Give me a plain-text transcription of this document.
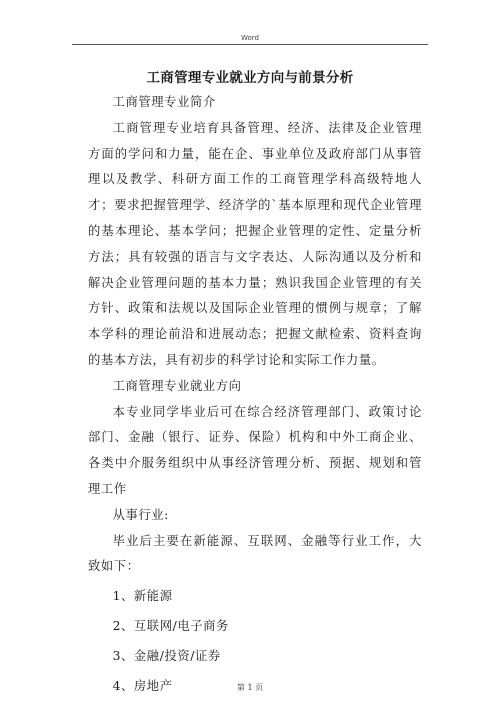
Word
工商管理专业就业方向与前景分析

工商管理专业简介

工商管理专业培育具备管理、经济、法律及企业管理方面的学问和力量，能在企、事业单位及政府部门从事管理以及教学、科研方面工作的工商管理学科高级特地人才；要求把握管理学、经济学的`基本原理和现代企业管理的基本理论、基本学问；把握企业管理的定性、定量分析方法；具有较强的语言与文字表达、人际沟通以及分析和解决企业管理问题的基本力量；熟识我国企业管理的有关方针、政策和法规以及国际企业管理的惯例与规章；了解本学科的理论前沿和进展动态；把握文献检索、资料查询的基本方法，具有初步的科学讨论和实际工作力量。

工商管理专业就业方向

本专业同学毕业后可在综合经济管理部门、政策讨论部门、金融（银行、证券、保险）机构和中外工商企业、各类中介服务组织中从事经济管理分析、预据、规划和管理工作

从事行业:

毕业后主要在新能源、互联网、金融等行业工作，大致如下：

1、新能源

2、互联网/电子商务

3、金融/投资/证券

4、房地产	第 1 页
